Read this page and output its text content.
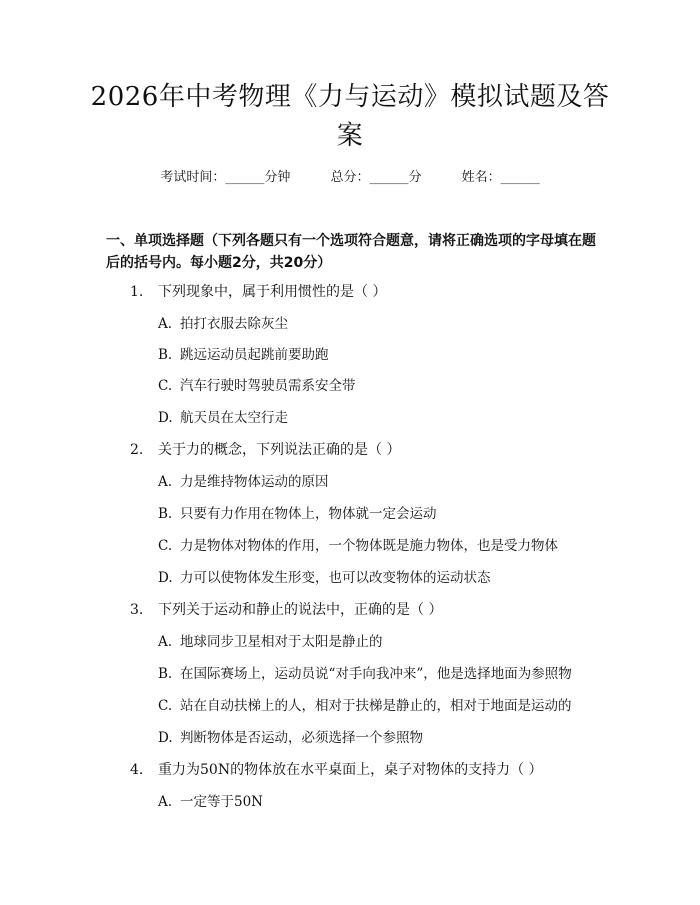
2026年中考物理《力与运动》模拟试题及答案
考试时间：______分钟	总分：______分	姓名：______
一、单项选择题（下列各题只有一个选项符合题意，请将正确选项的字母填在题后的括号内。每小题2分，共20分）
1. 下列现象中，属于利用惯性的是（ ）
A. 拍打衣服去除灰尘
B. 跳远运动员起跳前要助跑
C. 汽车行驶时驾驶员需系安全带
D. 航天员在太空行走
2. 关于力的概念，下列说法正确的是（ ）
A. 力是维持物体运动的原因
B. 只要有力作用在物体上，物体就一定会运动
C. 力是物体对物体的作用，一个物体既是施力物体，也是受力物体
D. 力可以使物体发生形变，也可以改变物体的运动状态
3. 下列关于运动和静止的说法中，正确的是（ ）
A. 地球同步卫星相对于太阳是静止的
B. 在国际赛场上，运动员说“对手向我冲来”，他是选择地面为参照物
C. 站在自动扶梯上的人，相对于扶梯是静止的，相对于地面是运动的
D. 判断物体是否运动，必须选择一个参照物
4. 重力为50N的物体放在水平桌面上，桌子对物体的支持力（ ）
A. 一定等于50N
